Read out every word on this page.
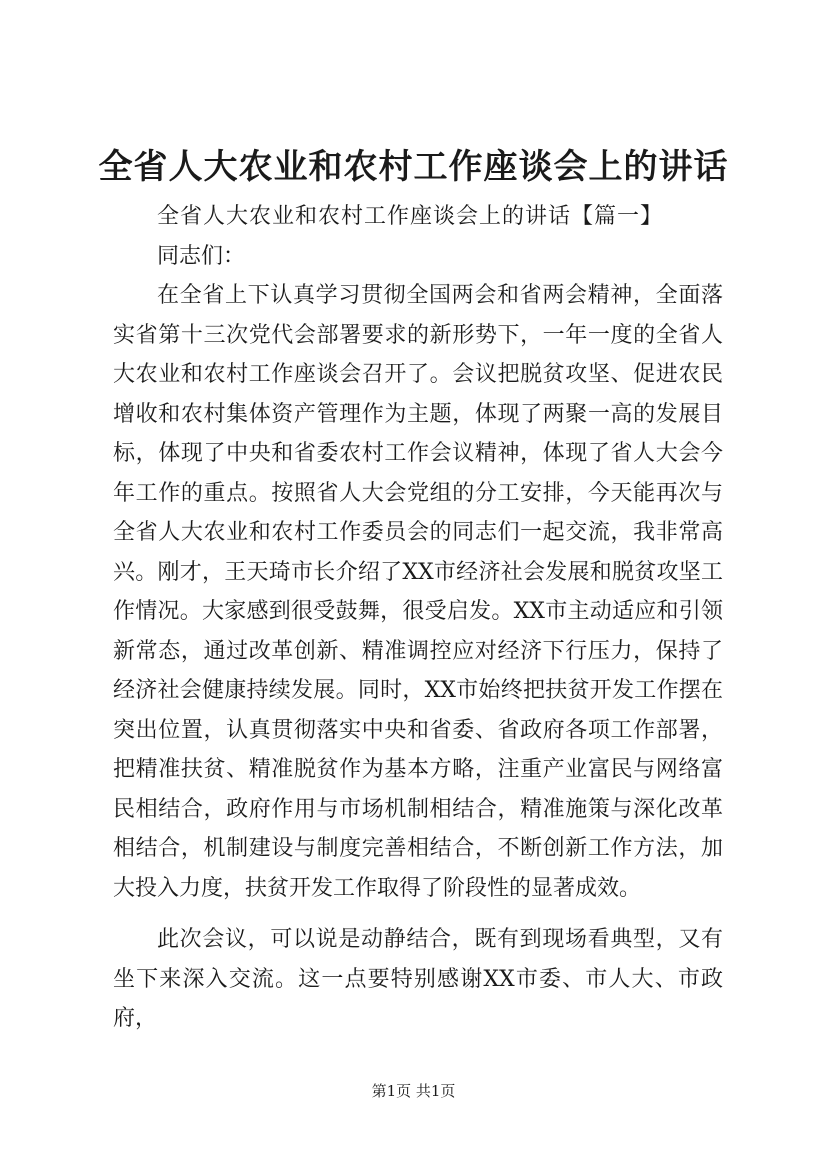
全省人大农业和农村工作座谈会上的讲话

全省人大农业和农村工作座谈会上的讲话【篇一】

同志们：

在全省上下认真学习贯彻全国两会和省两会精神，全面落实省第十三次党代会部署要求的新形势下，一年一度的全省人大农业和农村工作座谈会召开了。会议把脱贫攻坚、促进农民增收和农村集体资产管理作为主题，体现了两聚一高的发展目标，体现了中央和省委农村工作会议精神，体现了省人大会今年工作的重点。按照省人大会党组的分工安排，今天能再次与全省人大农业和农村工作委员会的同志们一起交流，我非常高兴。刚才，王天琦市长介绍了XX市经济社会发展和脱贫攻坚工作情况。大家感到很受鼓舞，很受启发。XX市主动适应和引领新常态，通过改革创新、精准调控应对经济下行压力，保持了经济社会健康持续发展。同时，XX市始终把扶贫开发工作摆在突出位置，认真贯彻落实中央和省委、省政府各项工作部署，把精准扶贫、精准脱贫作为基本方略，注重产业富民与网络富民相结合，政府作用与市场机制相结合，精准施策与深化改革相结合，机制建设与制度完善相结合，不断创新工作方法，加大投入力度，扶贫开发工作取得了阶段性的显著成效。

此次会议，可以说是动静结合，既有到现场看典型，又有坐下来深入交流。这一点要特别感谢XX市委、市人大、市政府，

第1页 共1页
